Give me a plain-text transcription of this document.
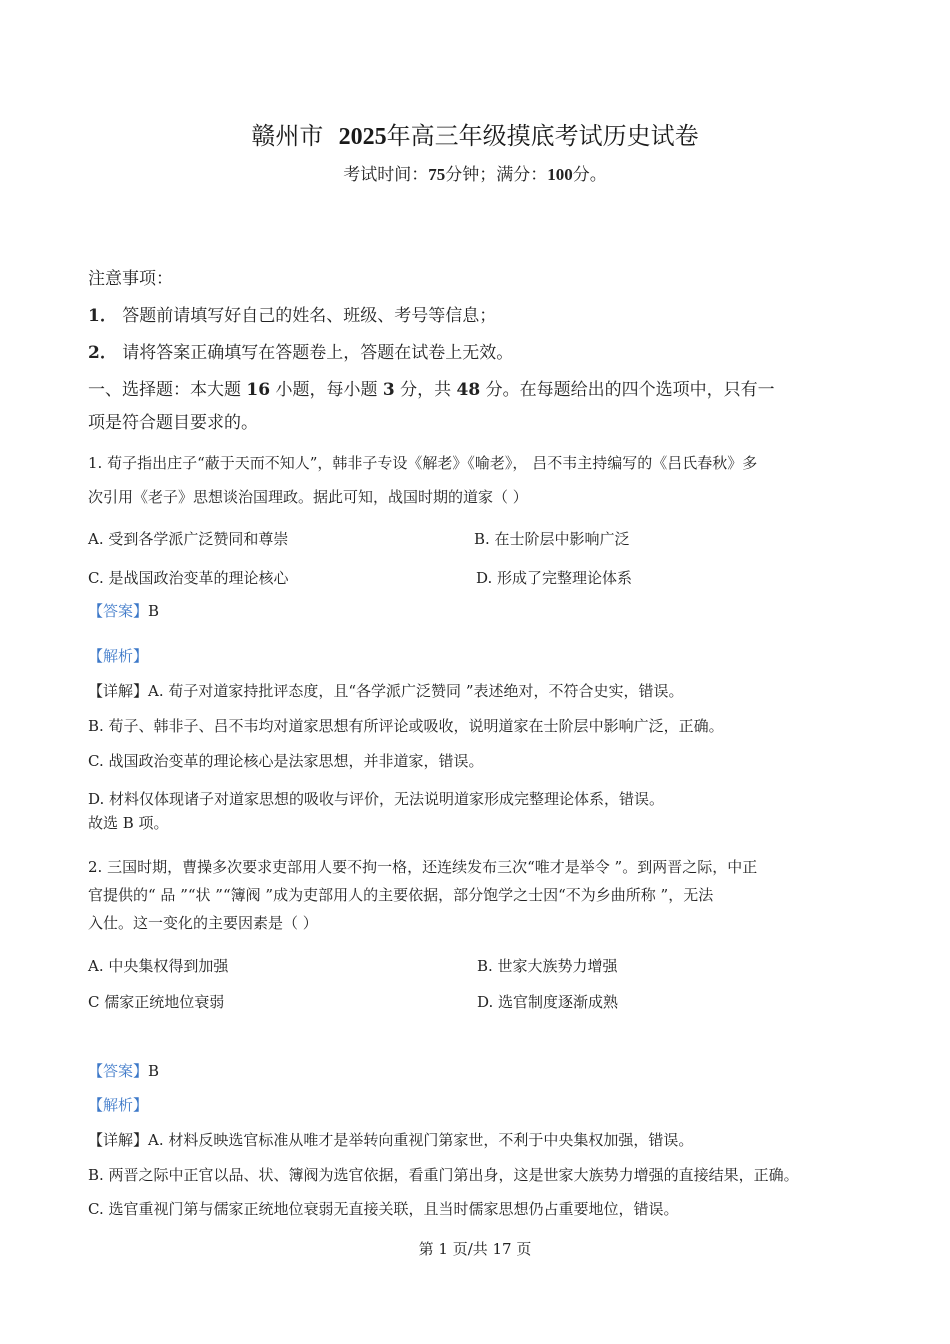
赣州市 2025年高三年级摸底考试历史试卷
考试时间：75分钟；满分：100分。
注意事项：
1． 答题前请填写好自己的姓名、班级、考号等信息；
2． 请将答案正确填写在答题卷上，答题在试卷上无效。
一、选择题：本大题 16 小题，每小题 3 分，共 48 分。在每题给出的四个选项中，只有一
项是符合题目要求的。
1. 荀子指出庄子“蔽于天而不知人”，韩非子专设《解老》《喻老》， 吕不韦主持编写的《吕氏春秋》多
次引用《老子》思想谈治国理政。据此可知，战国时期的道家（ ）
A. 受到各学派广泛赞同和尊崇	B. 在士阶层中影响广泛
C. 是战国政治变革的理论核心	D. 形成了完整理论体系
【答案】B
【解析】
【详解】A. 荀子对道家持批评态度，且“各学派广泛赞同 ”表述绝对，不符合史实，错误。
B. 荀子、韩非子、吕不韦均对道家思想有所评论或吸收，说明道家在士阶层中影响广泛，正确。
C. 战国政治变革的理论核心是法家思想，并非道家，错误。
D. 材料仅体现诸子对道家思想的吸收与评价，无法说明道家形成完整理论体系，错误。
故选 B 项。
2. 三国时期，曹操多次要求吏部用人要不拘一格，还连续发布三次“唯才是举令 ”。到两晋之际，中正
官提供的“ 品 ”“状 ”“簿阀 ”成为吏部用人的主要依据，部分饱学之士因“不为乡曲所称 ”，无法
入仕。这一变化的主要因素是（ ）
A. 中央集权得到加强	B. 世家大族势力增强
C 儒家正统地位衰弱	D. 选官制度逐渐成熟
【答案】B
【解析】
【详解】A. 材料反映选官标准从唯才是举转向重视门第家世，不利于中央集权加强，错误。
B. 两晋之际中正官以品、状、簿阀为选官依据，看重门第出身，这是世家大族势力增强的直接结果，正确。
C. 选官重视门第与儒家正统地位衰弱无直接关联，且当时儒家思想仍占重要地位，错误。
第 1 页/共 17 页
